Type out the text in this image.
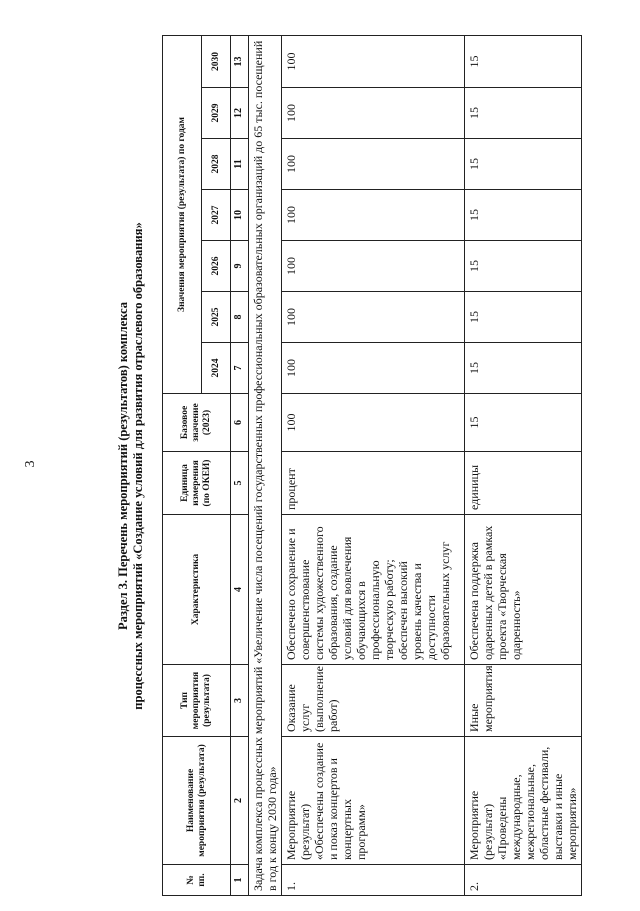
3	Раздел 3. Перечень мероприятий (результатов) комплекса процессных мероприятий «Создание условий для развития отраслевого образования»
№ пп.	Наименование мероприятия (результата)	Тип мероприятия (результата)	Характеристика	Единица измерения (по ОКЕИ)	Базовое значение (2023)	Значения мероприятия (результата) по годам						
						2024	2025	2026	2027	2028	2029	2030
1	2	3	4	5	6	7	8	9	10	11	12	13
Задача комплекса процессных мероприятий «Увеличение числа посещений государственных профессиональных образовательных организаций до 65 тыс. посещений в год к концу 2030 года»												
1.	Мероприятие (результат) «Обеспечены создание и показ концертов и концертных программ»	Оказание услуг (выполнение работ)	Обеспечено сохранение и совершенствование системы художественного образования, создание условий для вовлечения обучающихся в профессиональную творческую работу; обеспечен высокий уровень качества и доступности образовательных услуг	процент	100	100	100	100	100	100	100	100
2.	Мероприятие (результат) «Проведены международные, межрегиональные, областные фестивали, выставки и иные мероприятия»	Иные мероприятия	Обеспечена поддержка одаренных детей в рамках проекта «Творческая одаренность»	единицы	15	15	15	15	15	15	15	15
